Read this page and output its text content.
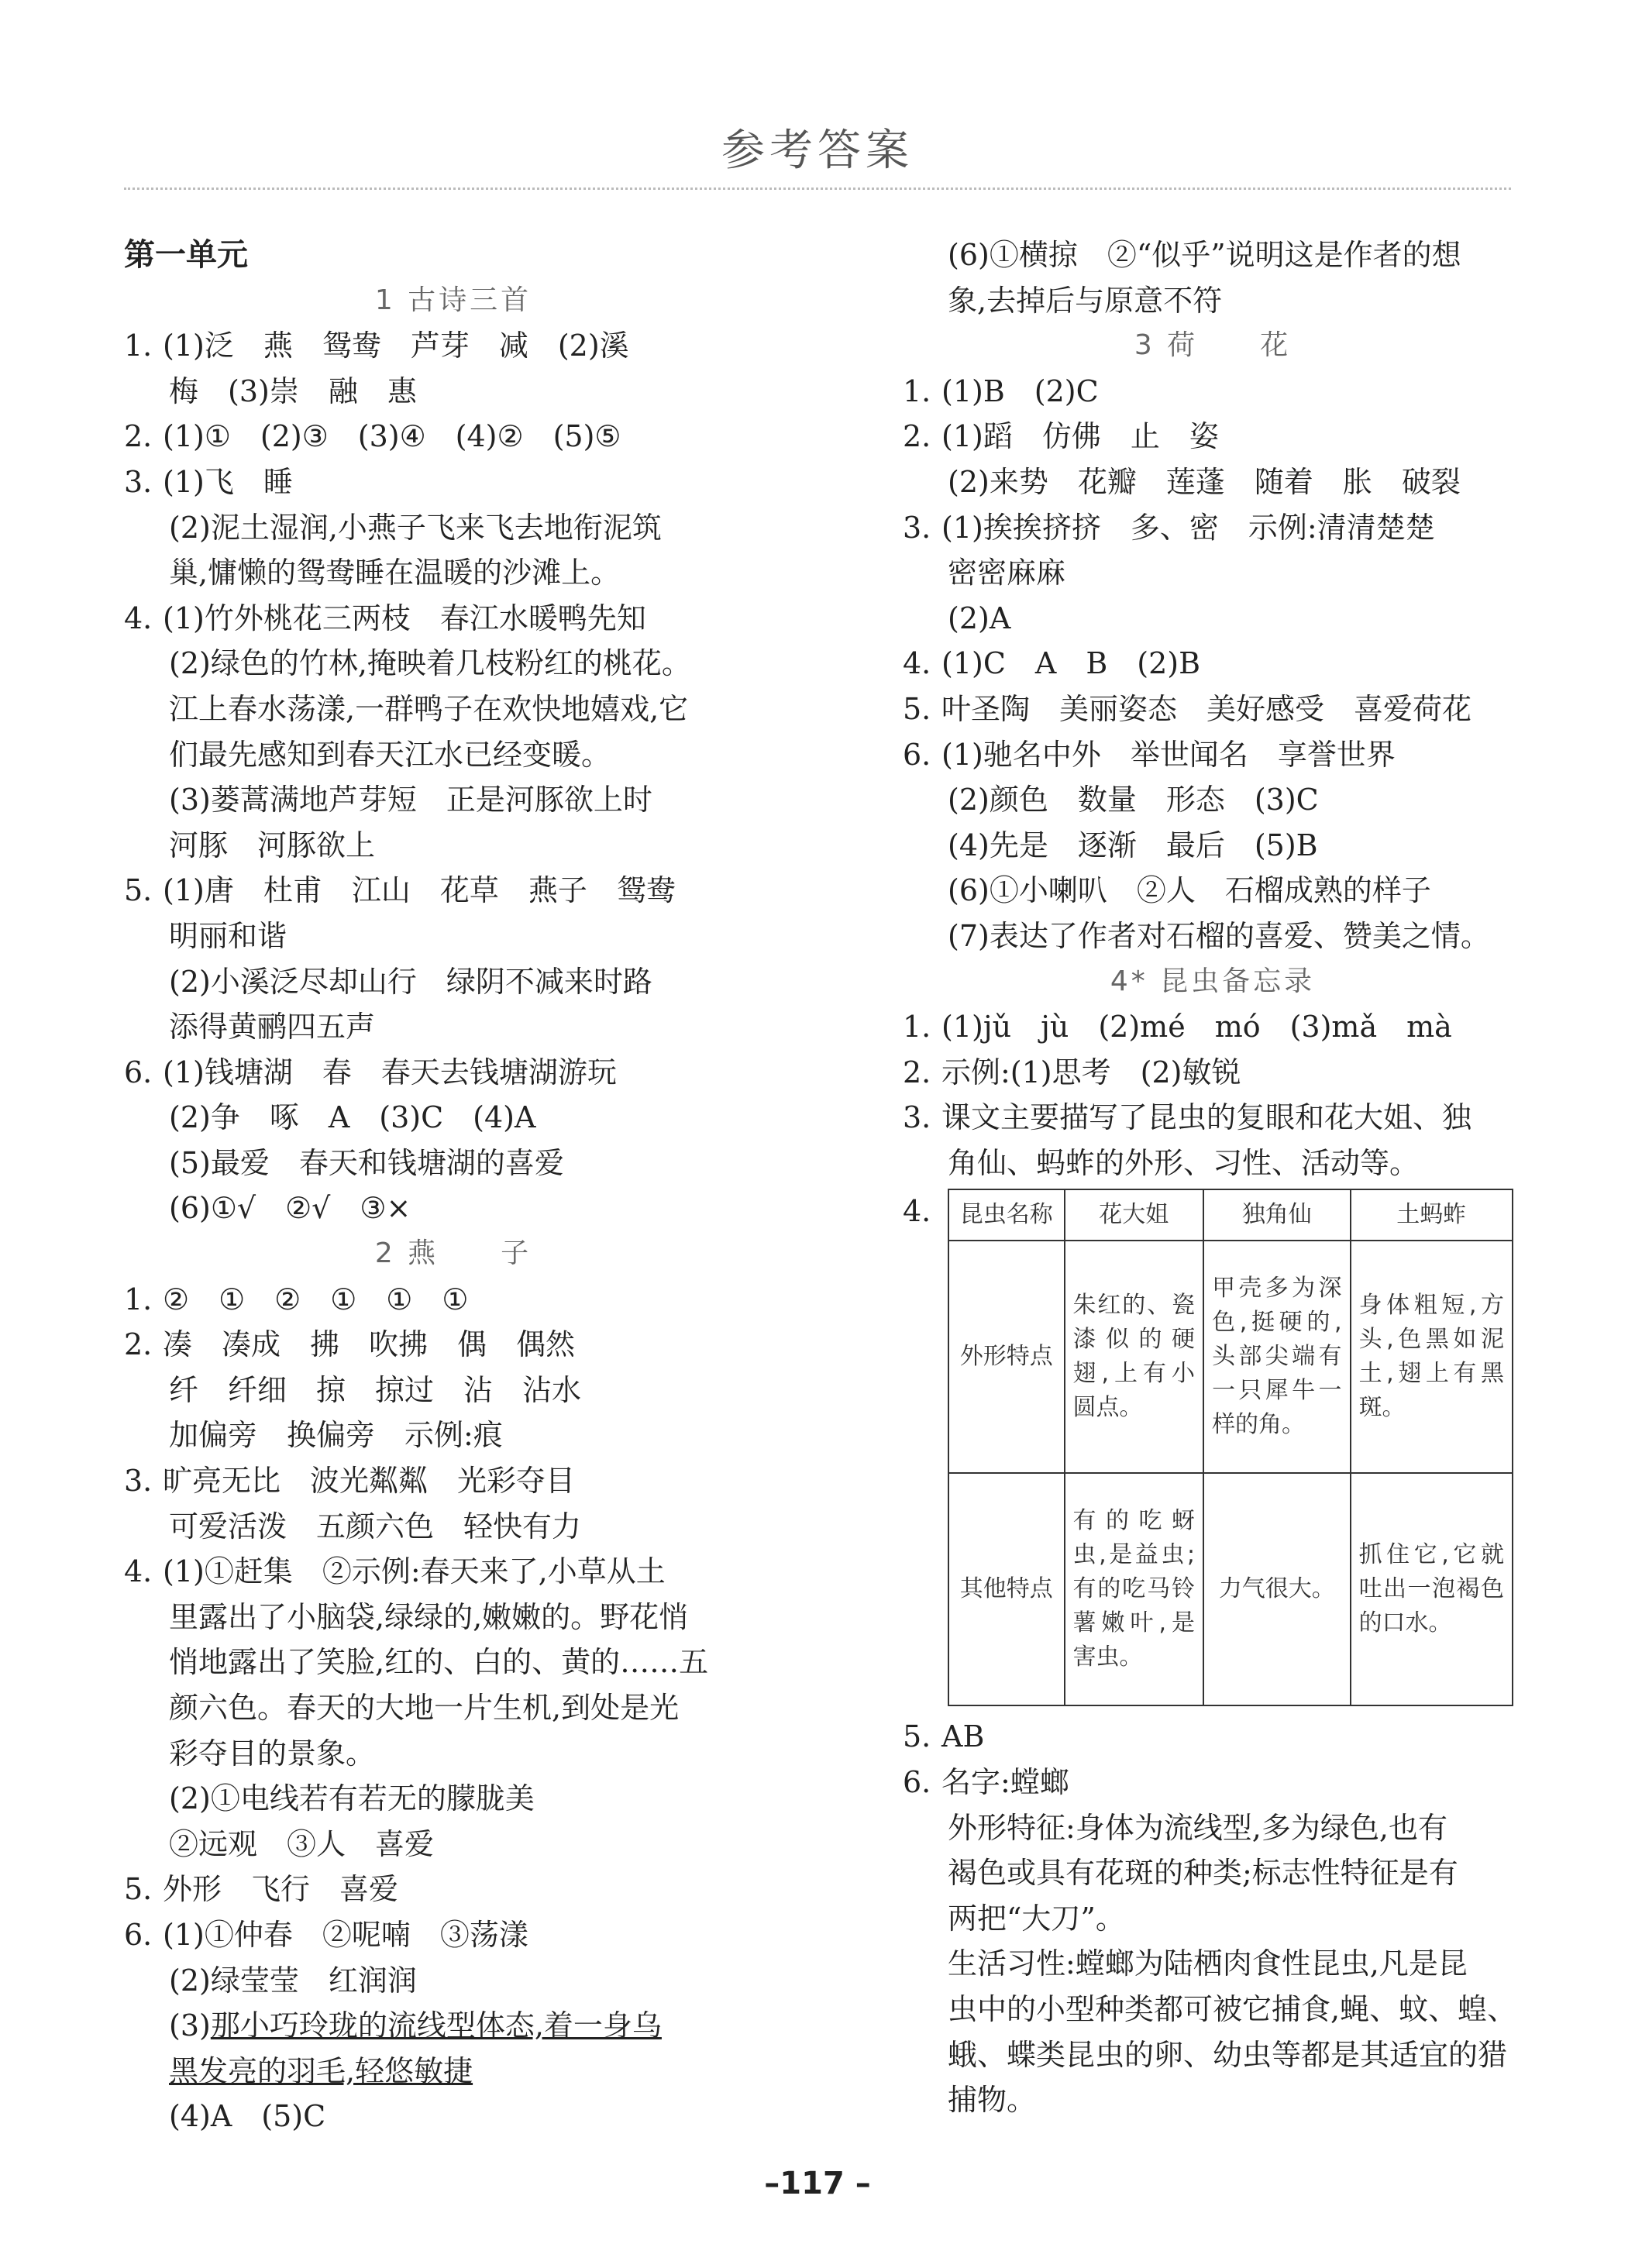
参考答案
第一单元
1 古诗三首
1. (1)泛　燕　鸳鸯　芦芽　减　(2)溪
梅　(3)崇　融　惠
2. (1)①　(2)③　(3)④　(4)②　(5)⑤
3. (1)飞　睡
(2)泥土湿润,小燕子飞来飞去地衔泥筑
巢,慵懒的鸳鸯睡在温暖的沙滩上。
4. (1)竹外桃花三两枝　春江水暖鸭先知
(2)绿色的竹林,掩映着几枝粉红的桃花。
江上春水荡漾,一群鸭子在欢快地嬉戏,它
们最先感知到春天江水已经变暖。
(3)蒌蒿满地芦芽短　正是河豚欲上时
河豚　河豚欲上
5. (1)唐　杜甫　江山　花草　燕子　鸳鸯
明丽和谐
(2)小溪泛尽却山行　绿阴不减来时路
添得黄鹂四五声
6. (1)钱塘湖　春　春天去钱塘湖游玩
(2)争　啄　A　(3)C　(4)A
(5)最爱　春天和钱塘湖的喜爱
(6)①√　②√　③×
2 燕　　子
1. ②　①　②　①　①　①
2. 凑　凑成　拂　吹拂　偶　偶然
纤　纤细　掠　掠过　沾　沾水
加偏旁　换偏旁　示例:痕
3. 旷亮无比　波光粼粼　光彩夺目
可爱活泼　五颜六色　轻快有力
4. (1)①赶集　②示例:春天来了,小草从土
里露出了小脑袋,绿绿的,嫩嫩的。野花悄
悄地露出了笑脸,红的、白的、黄的……五
颜六色。春天的大地一片生机,到处是光
彩夺目的景象。
(2)①电线若有若无的朦胧美
②远观　③人　喜爱
5. 外形　飞行　喜爱
6. (1)①仲春　②呢喃　③荡漾
(2)绿莹莹　红润润
(3)那小巧玲珑的流线型体态,着一身乌
黑发亮的羽毛,轻悠敏捷
(4)A　(5)C
(6)①横掠　②“似乎”说明这是作者的想
象,去掉后与原意不符
3 荷　　花
1. (1)B　(2)C
2. (1)蹈　仿佛　止　姿
(2)来势　花瓣　莲蓬　随着　胀　破裂
3. (1)挨挨挤挤　多、密　示例:清清楚楚
密密麻麻
(2)A
4. (1)C　A　B　(2)B
5. 叶圣陶　美丽姿态　美好感受　喜爱荷花
6. (1)驰名中外　举世闻名　享誉世界
(2)颜色　数量　形态　(3)C
(4)先是　逐渐　最后　(5)B
(6)①小喇叭　②人　石榴成熟的样子
(7)表达了作者对石榴的喜爱、赞美之情。
4* 昆虫备忘录
1. (1)jǔ　jù　(2)mé　mó　(3)mǎ　mà
2. 示例:(1)思考　(2)敏锐
3. 课文主要描写了昆虫的复眼和花大姐、独
角仙、蚂蚱的外形、习性、活动等。
4.	昆虫名称	花大姐	独角仙	土蚂蚱
外形特点	朱红的、瓷漆似的硬翅,上有小圆点。	甲壳多为深色,挺硬的,头部尖端有一只犀牛一样的角。	身体粗短,方头,色黑如泥土,翅上有黑斑。
其他特点	有的吃蚜虫,是益虫;有的吃马铃薯嫩叶,是害虫。	力气很大。	抓住它,它就吐出一泡褐色的口水。
5. AB
6. 名字:螳螂
外形特征:身体为流线型,多为绿色,也有
褐色或具有花斑的种类;标志性特征是有
两把“大刀”。
生活习性:螳螂为陆栖肉食性昆虫,凡是昆
虫中的小型种类都可被它捕食,蝇、蚊、蝗、
蛾、蝶类昆虫的卵、幼虫等都是其适宜的猎
捕物。
–117 –
